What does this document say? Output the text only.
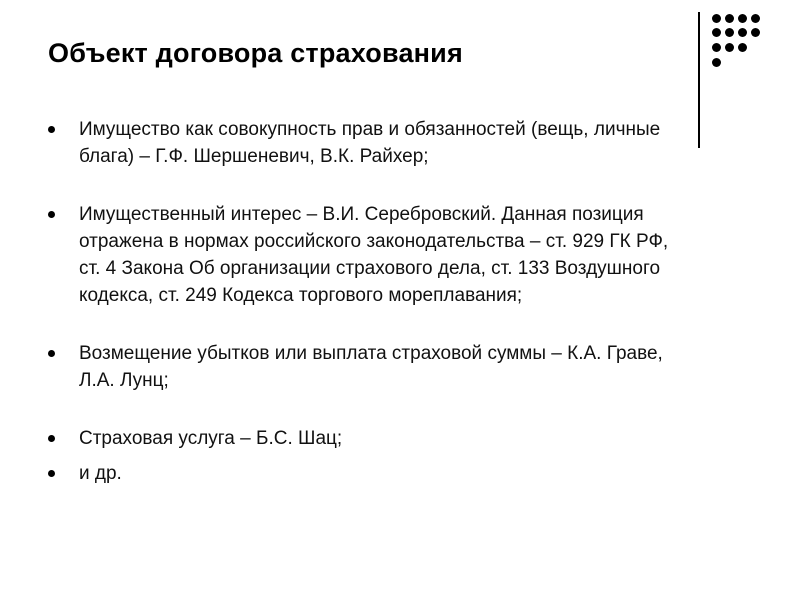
Объект договора страхования
Имущество как совокупность прав и обязанностей (вещь, личные блага) – Г.Ф. Шершеневич, В.К. Райхер;
Имущественный интерес – В.И. Серебровский. Данная позиция отражена в нормах российского законодательства – ст. 929 ГК РФ, ст. 4 Закона Об организации страхового дела, ст. 133 Воздушного кодекса, ст. 249 Кодекса торгового мореплавания;
Возмещение убытков или выплата страховой суммы – К.А. Граве, Л.А. Лунц;
Страховая услуга – Б.С. Шац;
и др.
